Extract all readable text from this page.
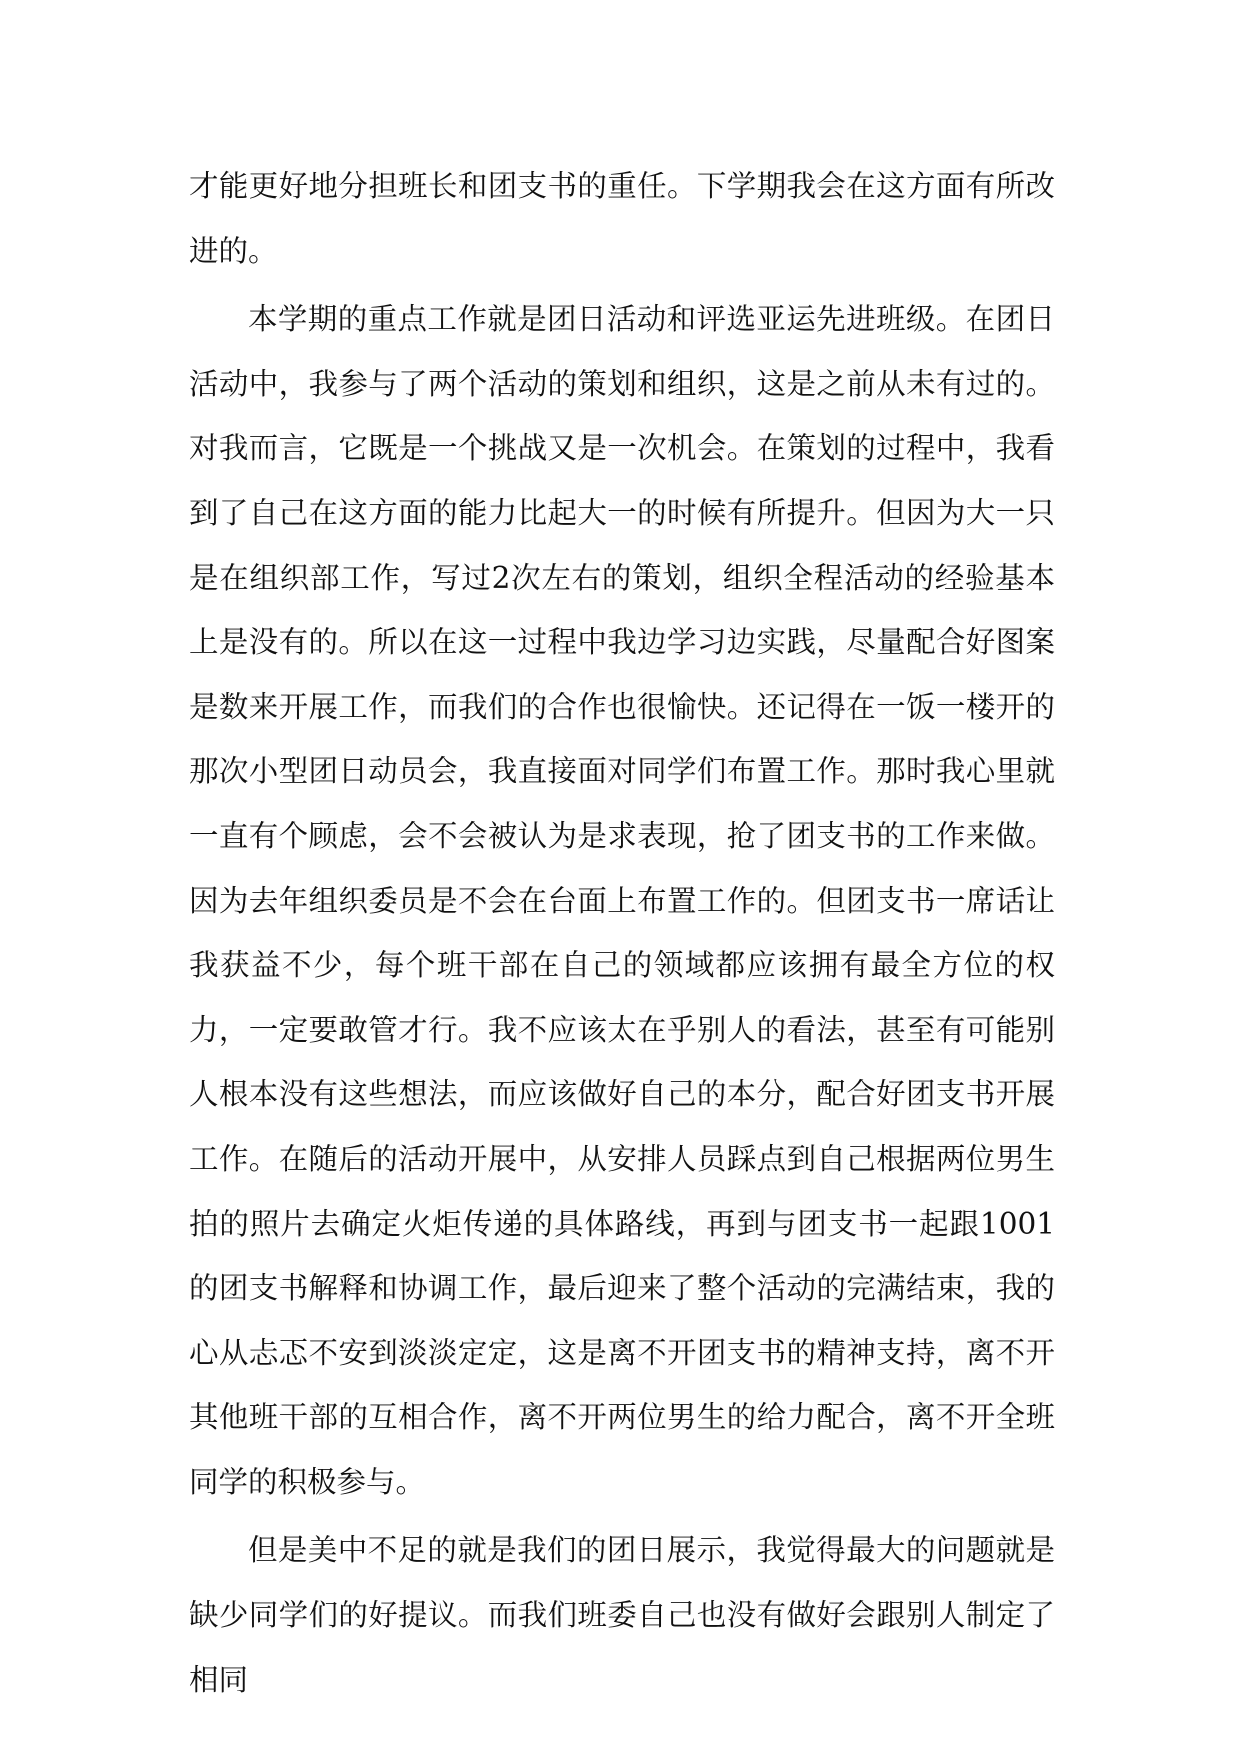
才能更好地分担班长和团支书的重任。下学期我会在这方面有所改进的。

本学期的重点工作就是团日活动和评选亚运先进班级。在团日活动中，我参与了两个活动的策划和组织，这是之前从未有过的。对我而言，它既是一个挑战又是一次机会。在策划的过程中，我看到了自己在这方面的能力比起大一的时候有所提升。但因为大一只是在组织部工作，写过2次左右的策划，组织全程活动的经验基本上是没有的。所以在这一过程中我边学习边实践，尽量配合好图案是数来开展工作，而我们的合作也很愉快。还记得在一饭一楼开的那次小型团日动员会，我直接面对同学们布置工作。那时我心里就一直有个顾虑，会不会被认为是求表现，抢了团支书的工作来做。因为去年组织委员是不会在台面上布置工作的。但团支书一席话让我获益不少，每个班干部在自己的领域都应该拥有最全方位的权力，一定要敢管才行。我不应该太在乎别人的看法，甚至有可能别人根本没有这些想法，而应该做好自己的本分，配合好团支书开展工作。在随后的活动开展中，从安排人员踩点到自己根据两位男生拍的照片去确定火炬传递的具体路线，再到与团支书一起跟1001的团支书解释和协调工作，最后迎来了整个活动的完满结束，我的心从忐忑不安到淡淡定定，这是离不开团支书的精神支持，离不开其他班干部的互相合作，离不开两位男生的给力配合，离不开全班同学的积极参与。

但是美中不足的就是我们的团日展示，我觉得最大的问题就是缺少同学们的好提议。而我们班委自己也没有做好会跟别人制定了相同
